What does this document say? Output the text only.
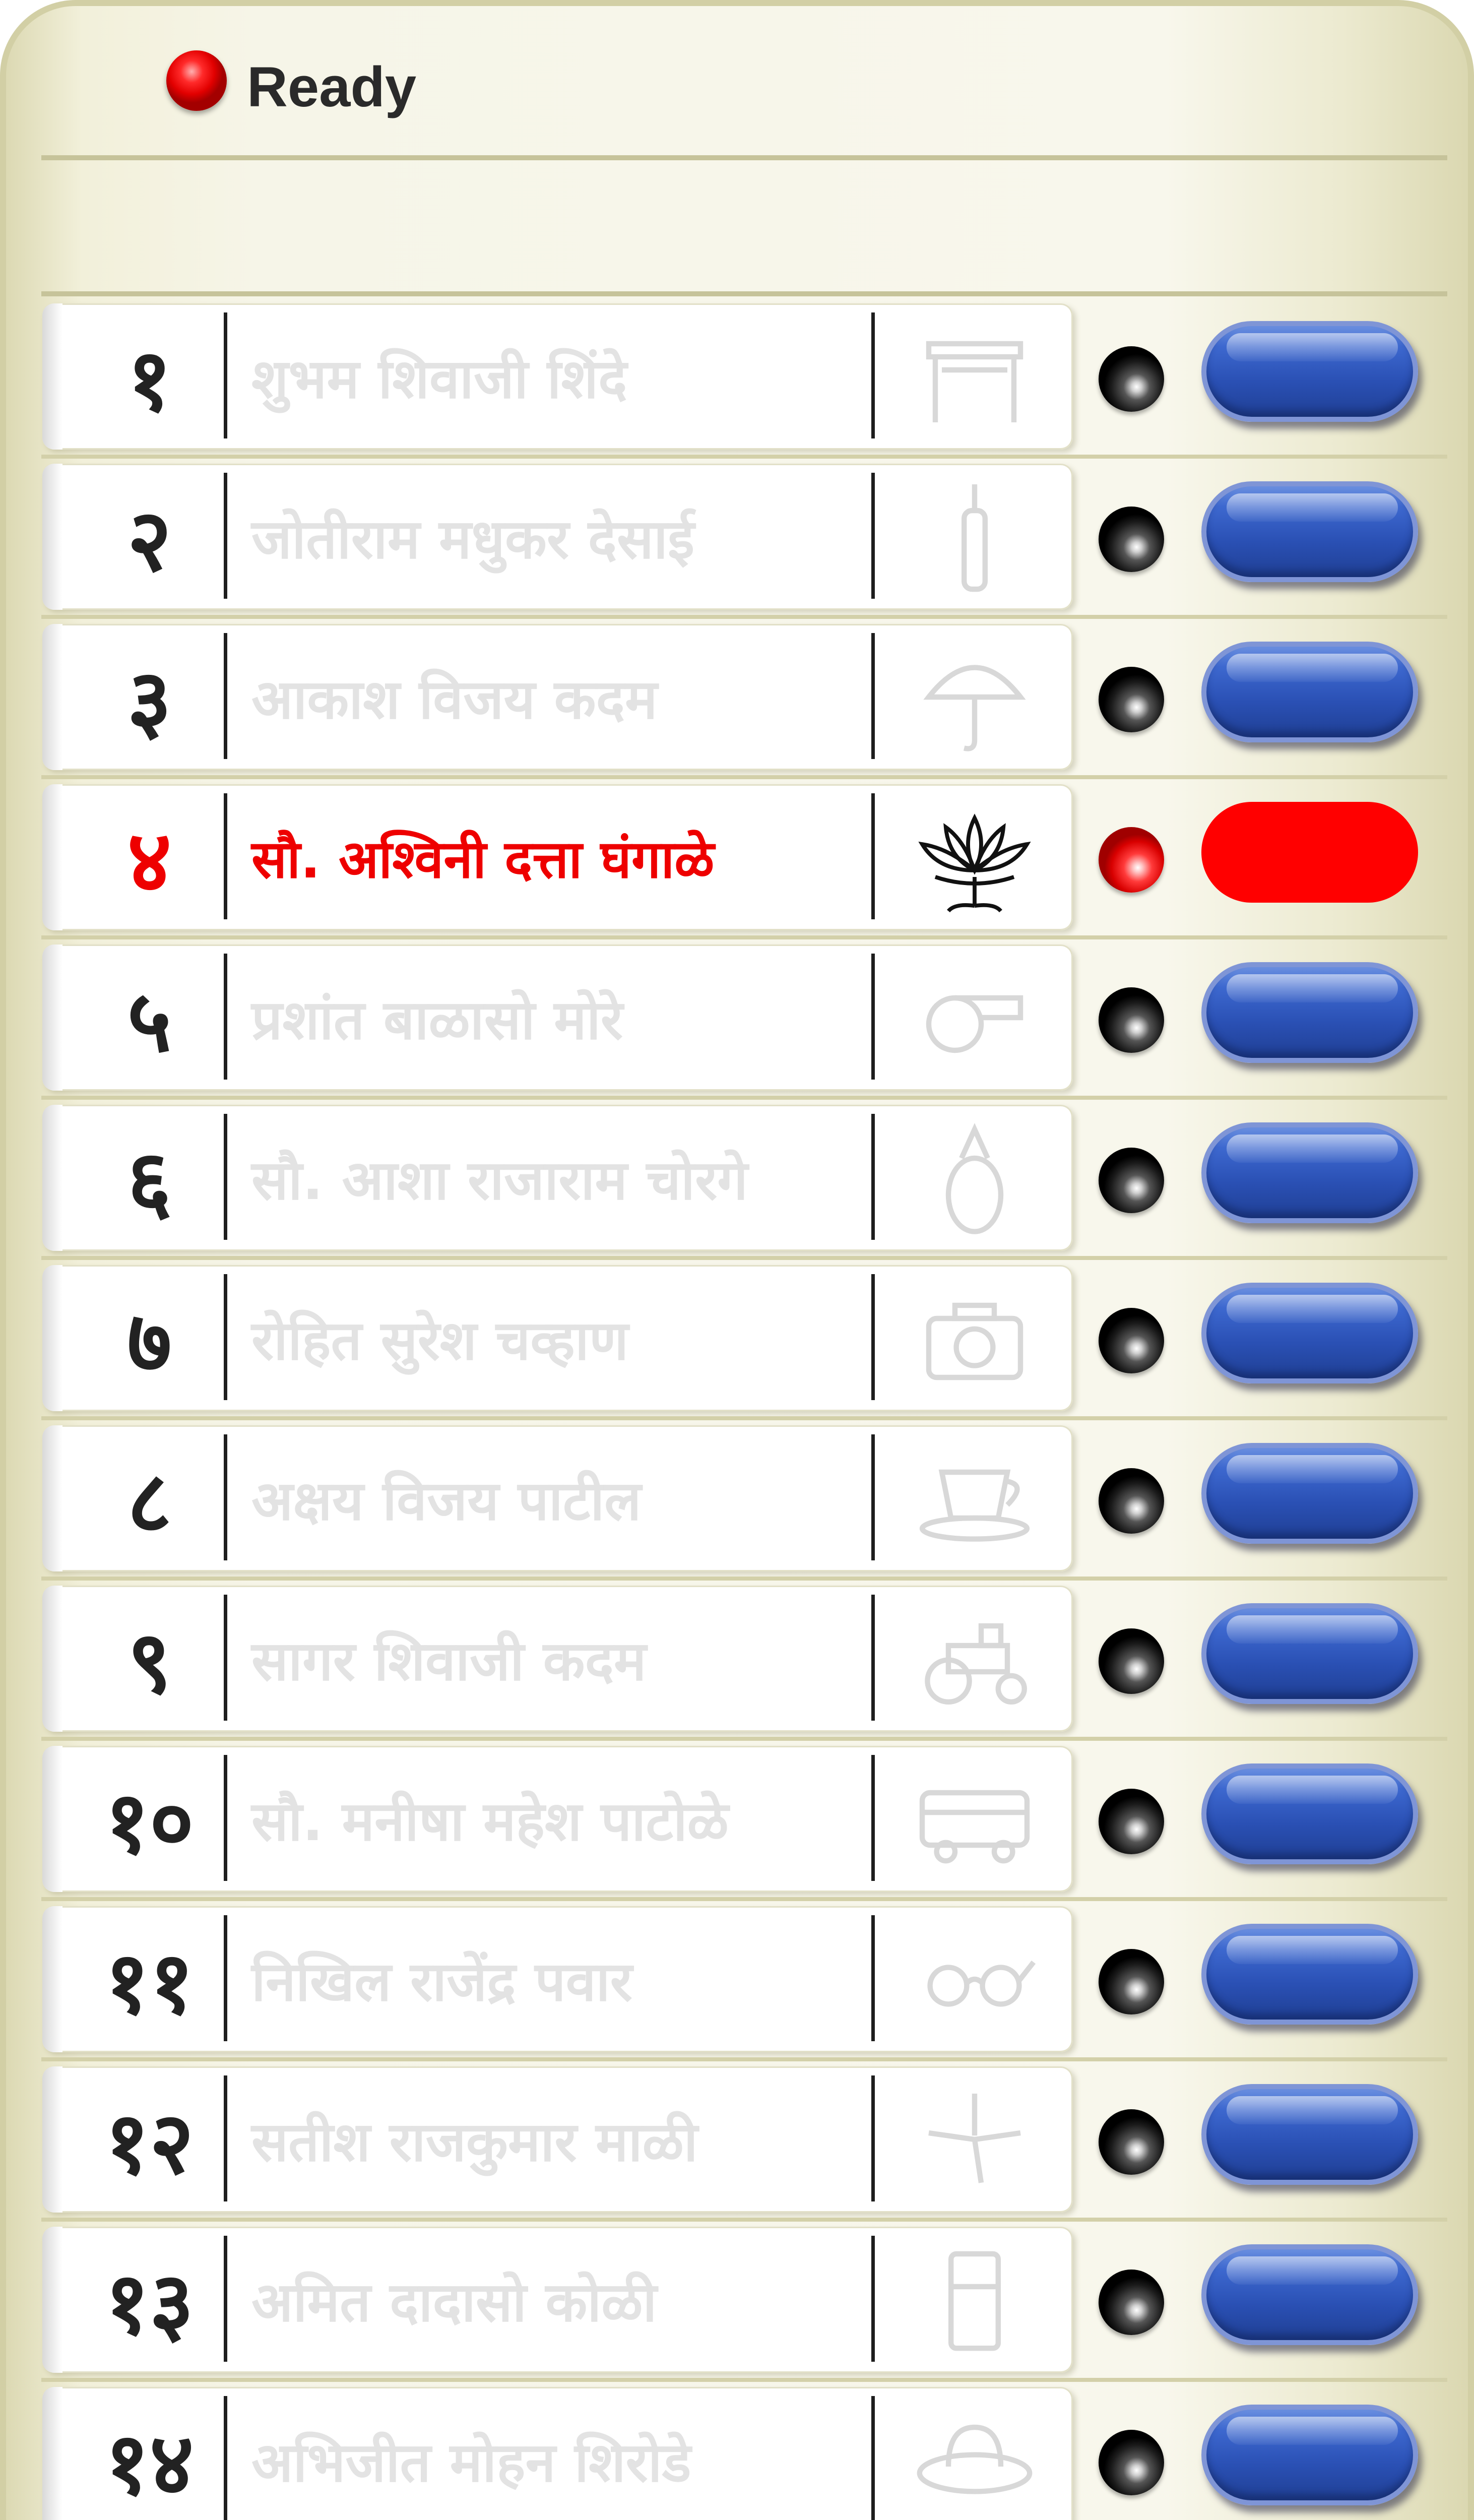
Ready
१	शुभम शिवाजी शिंदे
२	जोतीराम मधुकर देसाई
३	आकाश विजय कदम
४	सौ. अश्विनी दत्ता घंगाळे
५	प्रशांत बाळासो मोरे
६	सौ. आशा राजाराम चोरगे
७	रोहित सुरेश चव्हाण
८	अक्षय विजय पाटील
९	सागर शिवाजी कदम
१०	सौ. मनीषा महेश पाटोळे
११	निखिल राजेंद्र पवार
१२	सतीश राजकुमार माळी
१३	अमित दादासो कोळी
१४	अभिजीत मोहन शिरोडे
